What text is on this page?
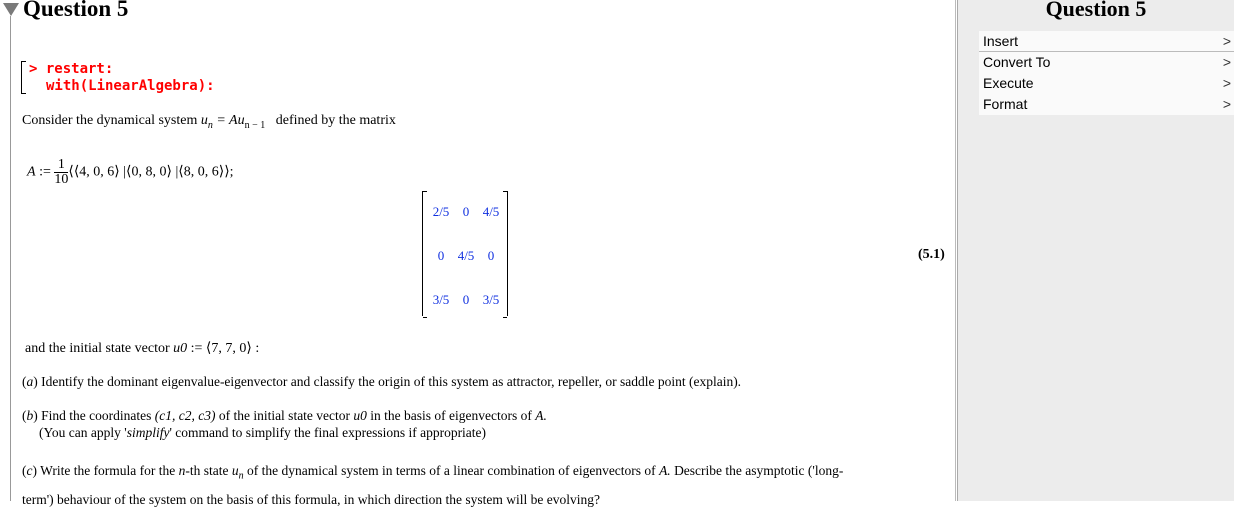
Question 5
> restart:
with(LinearAlgebra):
Consider the dynamical system $u_n = Au_{n - 1}$ defined by the matrix
A := $\frac{1}{10}$ ⟨⟨4, 0, 6⟩ |⟨0, 8, 0⟩ |⟨8, 0, 6⟩⟩;
2/5	0	4/5
0	4/5	0
3/5	0	3/5
(5.1)
and the initial state vector u0 := ⟨7, 7, 0⟩ :
(a) Identify the dominant eigenvalue-eigenvector and classify the origin of this system as attractor, repeller, or saddle point (explain).
(b) Find the coordinates (c1, c2, c3) of the initial state vector u0 in the basis of eigenvectors of A.
(You can apply 'simplify' command to simplify the final expressions if appropriate)
(c) Write the formula for the n-th state $u_n$ of the dynamical system in terms of a linear combination of eigenvectors of A. Describe the asymptotic ('long-
term') behaviour of the system on the basis of this formula, in which direction the system will be evolving?
Question 5
Insert	>
Convert To	>
Execute	>
Format	>
